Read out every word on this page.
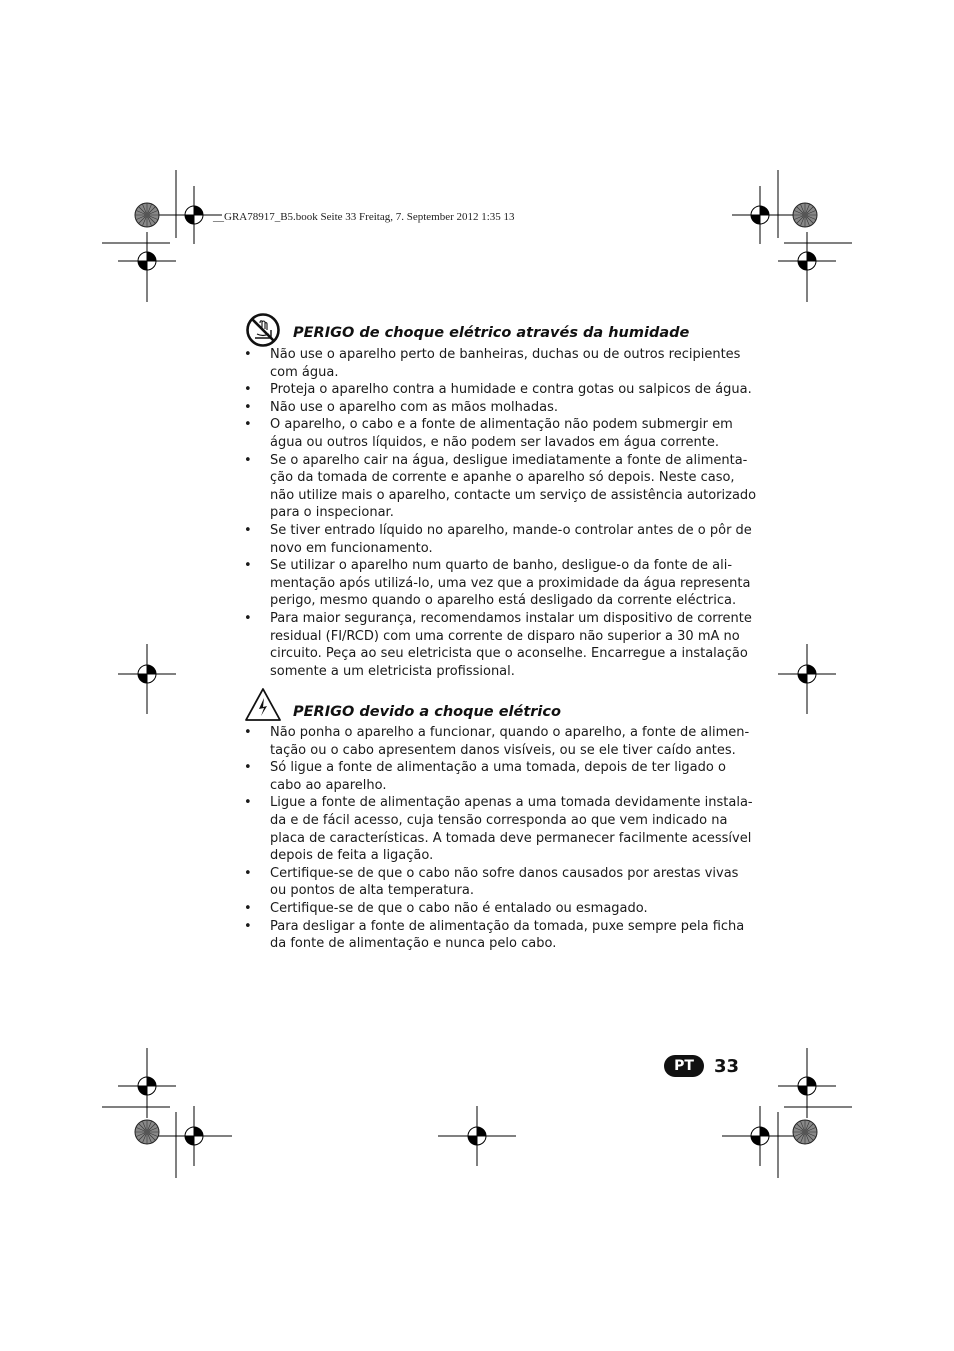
__GRA78917_B5.book Seite 33 Freitag, 7. September 2012 1:35 13
PERIGO de choque elétrico através da humidade
• Não use o aparelho perto de banheiras, duchas ou de outros recipientes
com água.
• Proteja o aparelho contra a humidade e contra gotas ou salpicos de água.
• Não use o aparelho com as mãos molhadas.
• O aparelho, o cabo e a fonte de alimentação não podem submergir em
água ou outros líquidos, e não podem ser lavados em água corrente.
• Se o aparelho cair na água, desligue imediatamente a fonte de alimenta-
ção da tomada de corrente e apanhe o aparelho só depois. Neste caso,
não utilize mais o aparelho, contacte um serviço de assistência autorizado
para o inspecionar.
• Se tiver entrado líquido no aparelho, mande-o controlar antes de o pôr de
novo em funcionamento.
• Se utilizar o aparelho num quarto de banho, desligue-o da fonte de ali-
mentação após utilizá-lo, uma vez que a proximidade da água representa
perigo, mesmo quando o aparelho está desligado da corrente eléctrica.
• Para maior segurança, recomendamos instalar um dispositivo de corrente
residual (FI/RCD) com uma corrente de disparo não superior a 30 mA no
circuito. Peça ao seu eletricista que o aconselhe. Encarregue a instalação
somente a um eletricista profissional.
PERIGO devido a choque elétrico
• Não ponha o aparelho a funcionar, quando o aparelho, a fonte de alimen-
tação ou o cabo apresentem danos visíveis, ou se ele tiver caído antes.
• Só ligue a fonte de alimentação a uma tomada, depois de ter ligado o
cabo ao aparelho.
• Ligue a fonte de alimentação apenas a uma tomada devidamente instala-
da e de fácil acesso, cuja tensão corresponda ao que vem indicado na
placa de características. A tomada deve permanecer facilmente acessível
depois de feita a ligação.
• Certifique-se de que o cabo não sofre danos causados por arestas vivas
ou pontos de alta temperatura.
• Certifique-se de que o cabo não é entalado ou esmagado.
• Para desligar a fonte de alimentação da tomada, puxe sempre pela ficha
da fonte de alimentação e nunca pelo cabo.
PT	33
